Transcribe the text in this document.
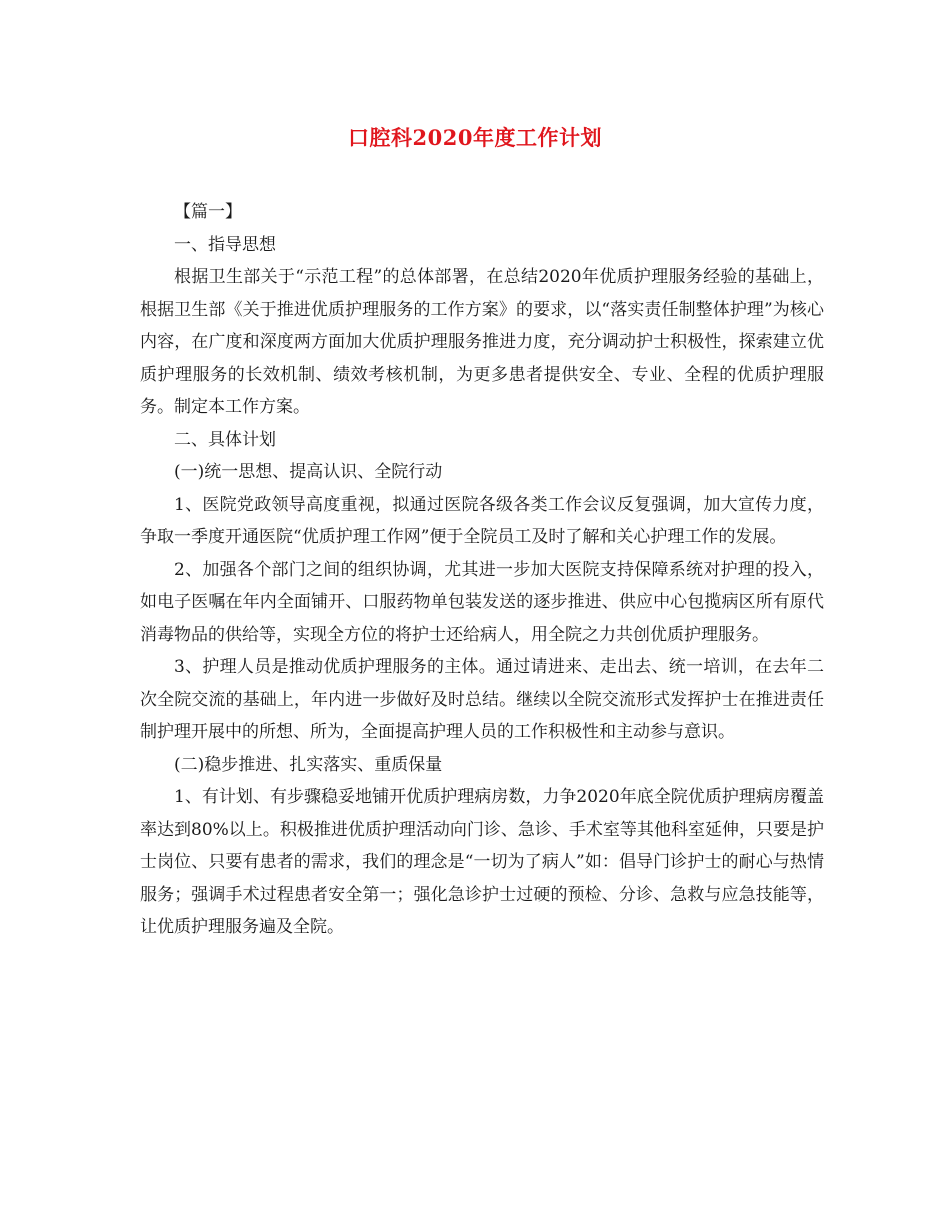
口腔科2020年度工作计划

【篇一】

一、指导思想

根据卫生部关于“示范工程”的总体部署，在总结2020年优质护理服务经验的基础上，根据卫生部《关于推进优质护理服务的工作方案》的要求，以“落实责任制整体护理”为核心内容，在广度和深度两方面加大优质护理服务推进力度，充分调动护士积极性，探索建立优质护理服务的长效机制、绩效考核机制，为更多患者提供安全、专业、全程的优质护理服务。制定本工作方案。

二、具体计划

(一)统一思想、提高认识、全院行动

1、医院党政领导高度重视，拟通过医院各级各类工作会议反复强调，加大宣传力度，争取一季度开通医院“优质护理工作网”便于全院员工及时了解和关心护理工作的发展。

2、加强各个部门之间的组织协调，尤其进一步加大医院支持保障系统对护理的投入，如电子医嘱在年内全面铺开、口服药物单包装发送的逐步推进、供应中心包揽病区所有原代消毒物品的供给等，实现全方位的将护士还给病人，用全院之力共创优质护理服务。

3、护理人员是推动优质护理服务的主体。通过请进来、走出去、统一培训，在去年二次全院交流的基础上，年内进一步做好及时总结。继续以全院交流形式发挥护士在推进责任制护理开展中的所想、所为，全面提高护理人员的工作积极性和主动参与意识。

(二)稳步推进、扎实落实、重质保量

1、有计划、有步骤稳妥地铺开优质护理病房数，力争2020年底全院优质护理病房覆盖率达到80%以上。积极推进优质护理活动向门诊、急诊、手术室等其他科室延伸，只要是护士岗位、只要有患者的需求，我们的理念是“一切为了病人”如：倡导门诊护士的耐心与热情服务；强调手术过程患者安全第一；强化急诊护士过硬的预检、分诊、急救与应急技能等，让优质护理服务遍及全院。
